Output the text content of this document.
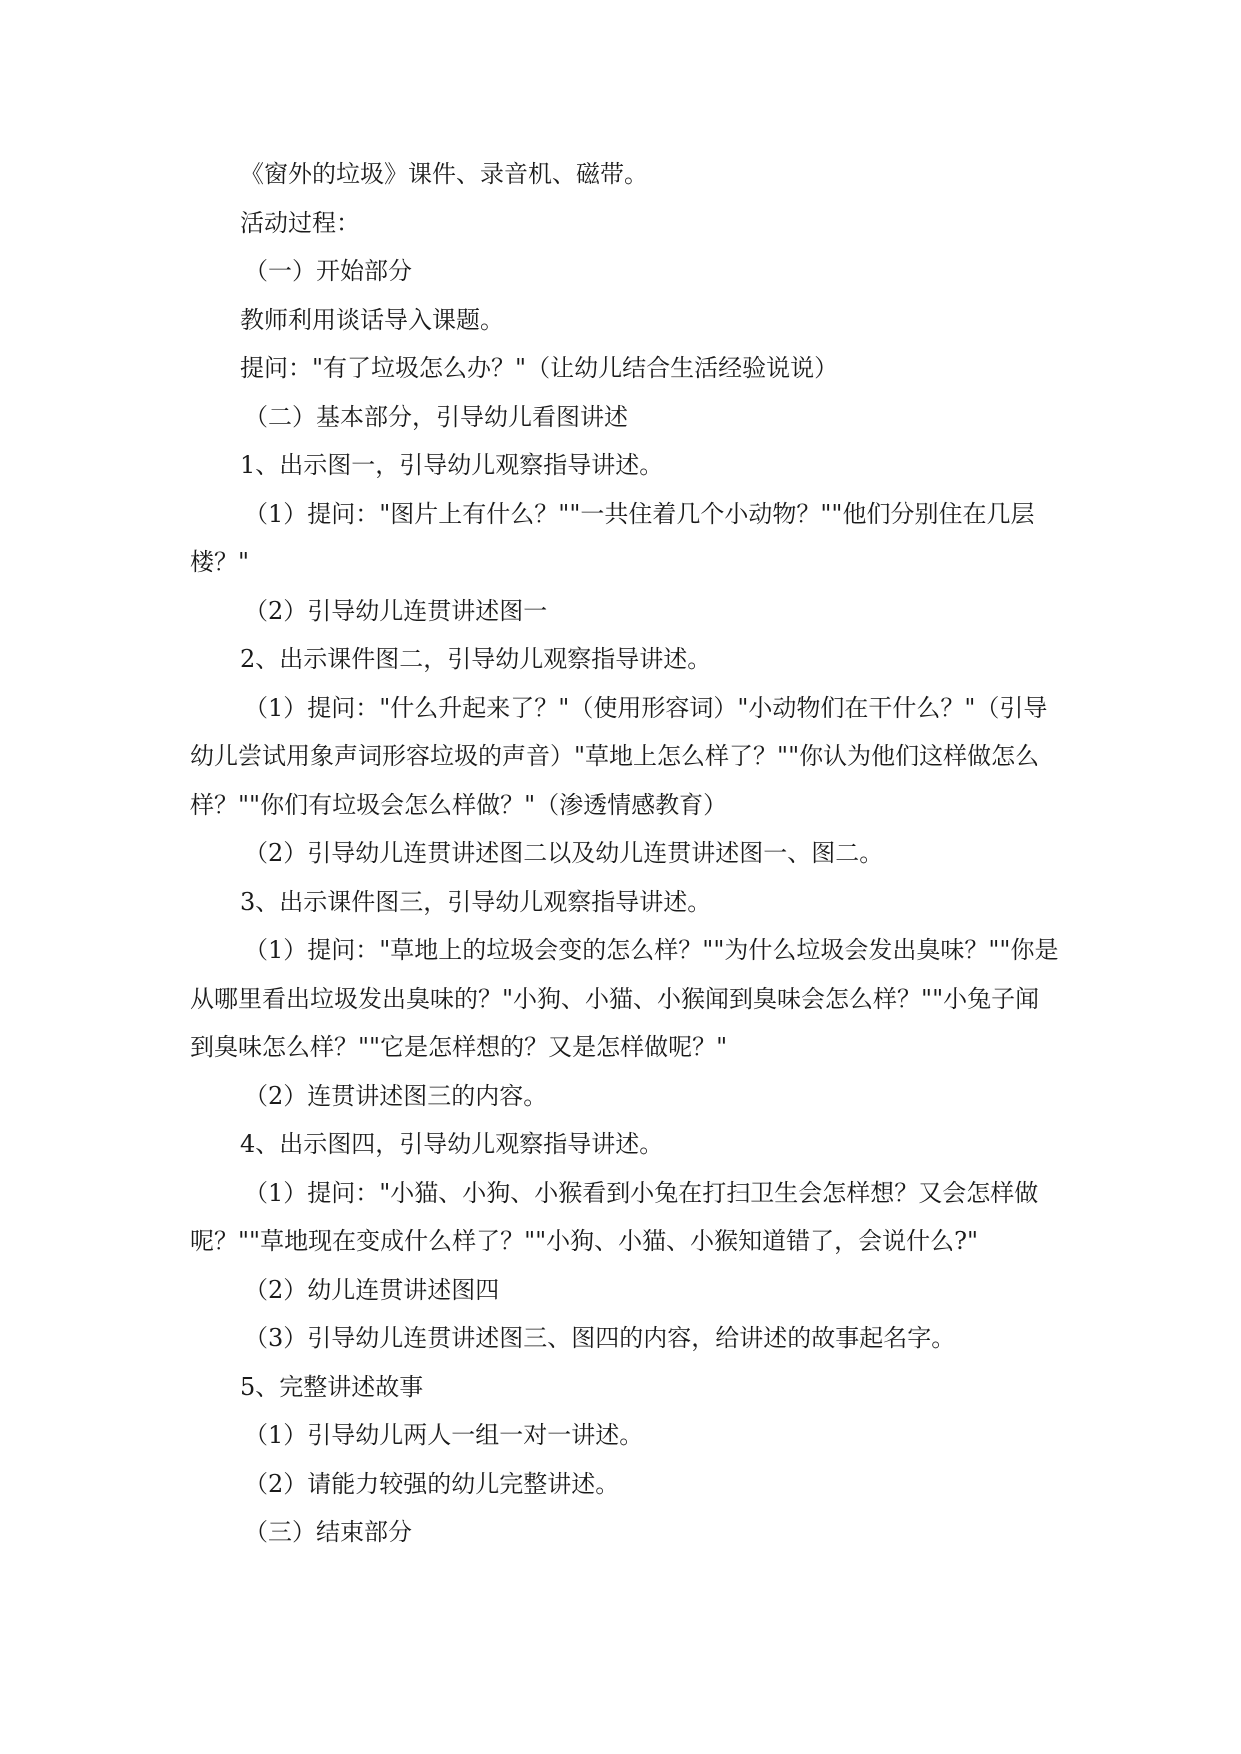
《窗外的垃圾》课件、录音机、磁带。

活动过程：

（一）开始部分

教师利用谈话导入课题。

提问："有了垃圾怎么办？"（让幼儿结合生活经验说说）

（二）基本部分，引导幼儿看图讲述

1、出示图一，引导幼儿观察指导讲述。

（1）提问："图片上有什么？""一共住着几个小动物？""他们分别住在几层楼？"

（2）引导幼儿连贯讲述图一

2、出示课件图二，引导幼儿观察指导讲述。

（1）提问："什么升起来了？"（使用形容词）"小动物们在干什么？"（引导幼儿尝试用象声词形容垃圾的声音）"草地上怎么样了？""你认为他们这样做怎么样？""你们有垃圾会怎么样做？"（渗透情感教育）

（2）引导幼儿连贯讲述图二以及幼儿连贯讲述图一、图二。

3、出示课件图三，引导幼儿观察指导讲述。

（1）提问："草地上的垃圾会变的怎么样？""为什么垃圾会发出臭味？""你是从哪里看出垃圾发出臭味的？"小狗、小猫、小猴闻到臭味会怎么样？""小兔子闻到臭味怎么样？""它是怎样想的？又是怎样做呢？"

（2）连贯讲述图三的内容。

4、出示图四，引导幼儿观察指导讲述。

（1）提问："小猫、小狗、小猴看到小兔在打扫卫生会怎样想？又会怎样做呢？""草地现在变成什么样了？""小狗、小猫、小猴知道错了，会说什么?"

（2）幼儿连贯讲述图四

（3）引导幼儿连贯讲述图三、图四的内容，给讲述的故事起名字。

5、完整讲述故事

（1）引导幼儿两人一组一对一讲述。

（2）请能力较强的幼儿完整讲述。

（三）结束部分
